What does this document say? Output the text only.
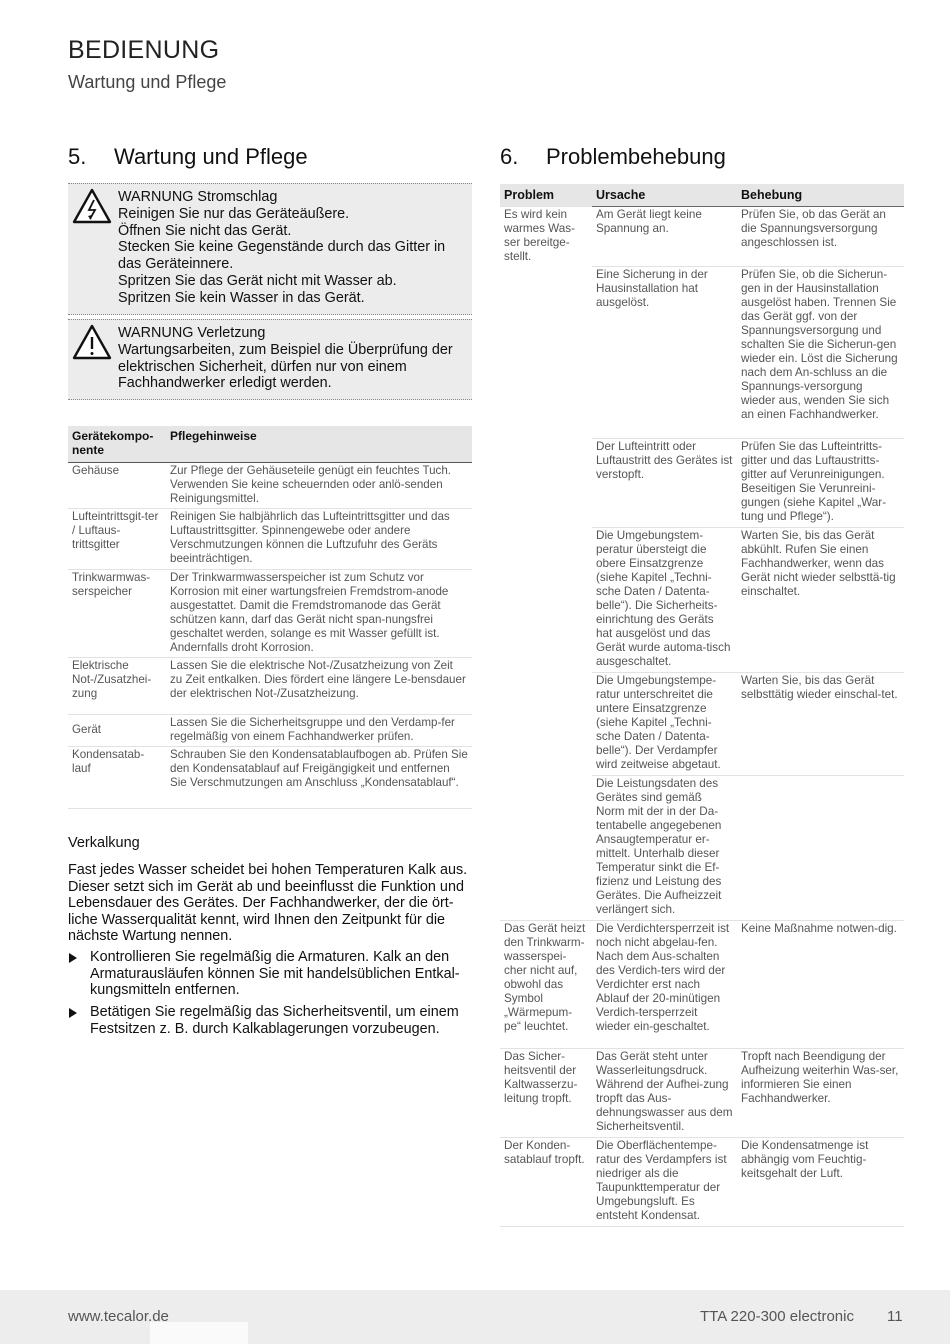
BEDIENUNG
Wartung und Pflege
5. Wartung und Pflege

WARNUNG Stromschlag

Reinigen Sie nur das Geräteäußere.

Öffnen Sie nicht das Gerät.

Stecken Sie keine Gegenstände durch das Gitter in das Geräteinnere.

Spritzen Sie das Gerät nicht mit Wasser ab.

Spritzen Sie kein Wasser in das Gerät.

WARNUNG Verletzung

Wartungsarbeiten, zum Beispiel die Überprüfung der elektrischen Sicherheit, dürfen nur von einem Fachhandwerker erledigt werden.

Gerätekompo-nente	Pflegehinweise
Gehäuse	Zur Pflege der Gehäuseteile genügt ein feuchtes Tuch. Verwenden Sie keine scheuernden oder anlö-senden Reinigungsmittel.
Lufteintrittsgit-ter / Luftaus-trittsgitter	Reinigen Sie halbjährlich das Lufteintrittsgitter und das Luftaustrittsgitter. Spinnengewebe oder andere Verschmutzungen können die Luftzufuhr des Geräts beeinträchtigen.
Trinkwarmwas-serspeicher	Der Trinkwarmwasserspeicher ist zum Schutz vor Korrosion mit einer wartungsfreien Fremdstrom-anode ausgestattet. Damit die Fremdstromanode das Gerät schützen kann, darf das Gerät nicht span-nungsfrei geschaltet werden, solange es mit Wasser gefüllt ist. Andernfalls droht Korrosion.
Elektrische Not-/Zusatzhei-zung	Lassen Sie die elektrische Not-/Zusatzheizung von Zeit zu Zeit entkalken. Dies fördert eine längere Le-bensdauer der elektrischen Not-/Zusatzheizung.
Gerät	Lassen Sie die Sicherheitsgruppe und den Verdamp-fer regelmäßig von einem Fachhandwerker prüfen.
Kondensatab-lauf	Schrauben Sie den Kondensatablaufbogen ab. Prüfen Sie den Kondensatablauf auf Freigängigkeit und entfernen Sie Verschmutzungen am Anschluss „Kondensatablauf“.
Verkalkung
Fast jedes Wasser scheidet bei hohen Temperaturen Kalk aus. Dieser setzt sich im Gerät ab und beeinflusst die Funktion und Lebensdauer des Gerätes. Der Fachhandwerker, der die ört-liche Wasserqualität kennt, wird Ihnen den Zeitpunkt für die nächste Wartung nennen.
Kontrollieren Sie regelmäßig die Armaturen. Kalk an den Armaturausläufen können Sie mit handelsüblichen Entkal-kungsmitteln entfernen.
Betätigen Sie regelmäßig das Sicherheitsventil, um einem Festsitzen z. B. durch Kalkablagerungen vorzubeugen.
6. Problembehebung
Problem	Ursache	Behebung
Es wird kein warmes Was-ser bereitge-stellt.	Am Gerät liegt keine Spannung an.	Prüfen Sie, ob das Gerät an die Spannungsversorgung angeschlossen ist.
	Eine Sicherung in der Hausinstallation hat ausgelöst.	Prüfen Sie, ob die Sicherun-gen in der Hausinstallation ausgelöst haben. Trennen Sie das Gerät ggf. von der Spannungsversorgung und schalten Sie die Sicherun-gen wieder ein. Löst die Sicherung nach dem An-schluss an die Spannungs-versorgung wieder aus, wenden Sie sich an einen Fachhandwerker.
	Der Lufteintritt oder Luftaustritt des Gerätes ist verstopft.	Prüfen Sie das Lufteintritts-gitter und das Luftaustritts-gitter auf Verunreinigungen. Beseitigen Sie Verunreini-gungen (siehe Kapitel „War-tung und Pflege“).
	Die Umgebungstem-peratur übersteigt die obere Einsatzgrenze (siehe Kapitel „Techni-sche Daten / Datenta-belle“). Die Sicherheits-einrichtung des Geräts hat ausgelöst und das Gerät wurde automa-tisch ausgeschaltet.	Warten Sie, bis das Gerät abkühlt. Rufen Sie einen Fachhandwerker, wenn das Gerät nicht wieder selbsttä-tig einschaltet.
	Die Umgebungstempe-ratur unterschreitet die untere Einsatzgrenze (siehe Kapitel „Techni-sche Daten / Datenta-belle“). Der Verdampfer wird zeitweise abgetaut.	Warten Sie, bis das Gerät selbsttätig wieder einschal-tet.
	Die Leistungsdaten des Gerätes sind gemäß Norm mit der in der Da-tentabelle angegebenen Ansaugtemperatur er-mittelt. Unterhalb dieser Temperatur sinkt die Ef-fizienz und Leistung des Gerätes. Die Aufheizzeit verlängert sich.	
Das Gerät heizt den Trinkwarm-wasserspei-cher nicht auf, obwohl das Symbol „Wärmepum-pe“ leuchtet.	Die Verdichtersperrzeit ist noch nicht abgelau-fen. Nach dem Aus-schalten des Verdich-ters wird der Verdichter erst nach Ablauf der 20-minütigen Verdich-tersperrzeit wieder ein-geschaltet.	Keine Maßnahme notwen-dig.
Das Sicher-heitsventil der Kaltwasserzu-leitung tropft.	Das Gerät steht unter Wasserleitungsdruck. Während der Aufhei-zung tropft das Aus-dehnungswasser aus dem Sicherheitsventil.	Tropft nach Beendigung der Aufheizung weiterhin Was-ser, informieren Sie einen Fachhandwerker.
Der Konden-satablauf tropft.	Die Oberflächentempe-ratur des Verdampfers ist niedriger als die Taupunkttemperatur der Umgebungsluft. Es entsteht Kondensat.	Die Kondensatmenge ist abhängig vom Feuchtig-keitsgehalt der Luft.
www.tecalor.de	TTA 220-300 electronic 11
